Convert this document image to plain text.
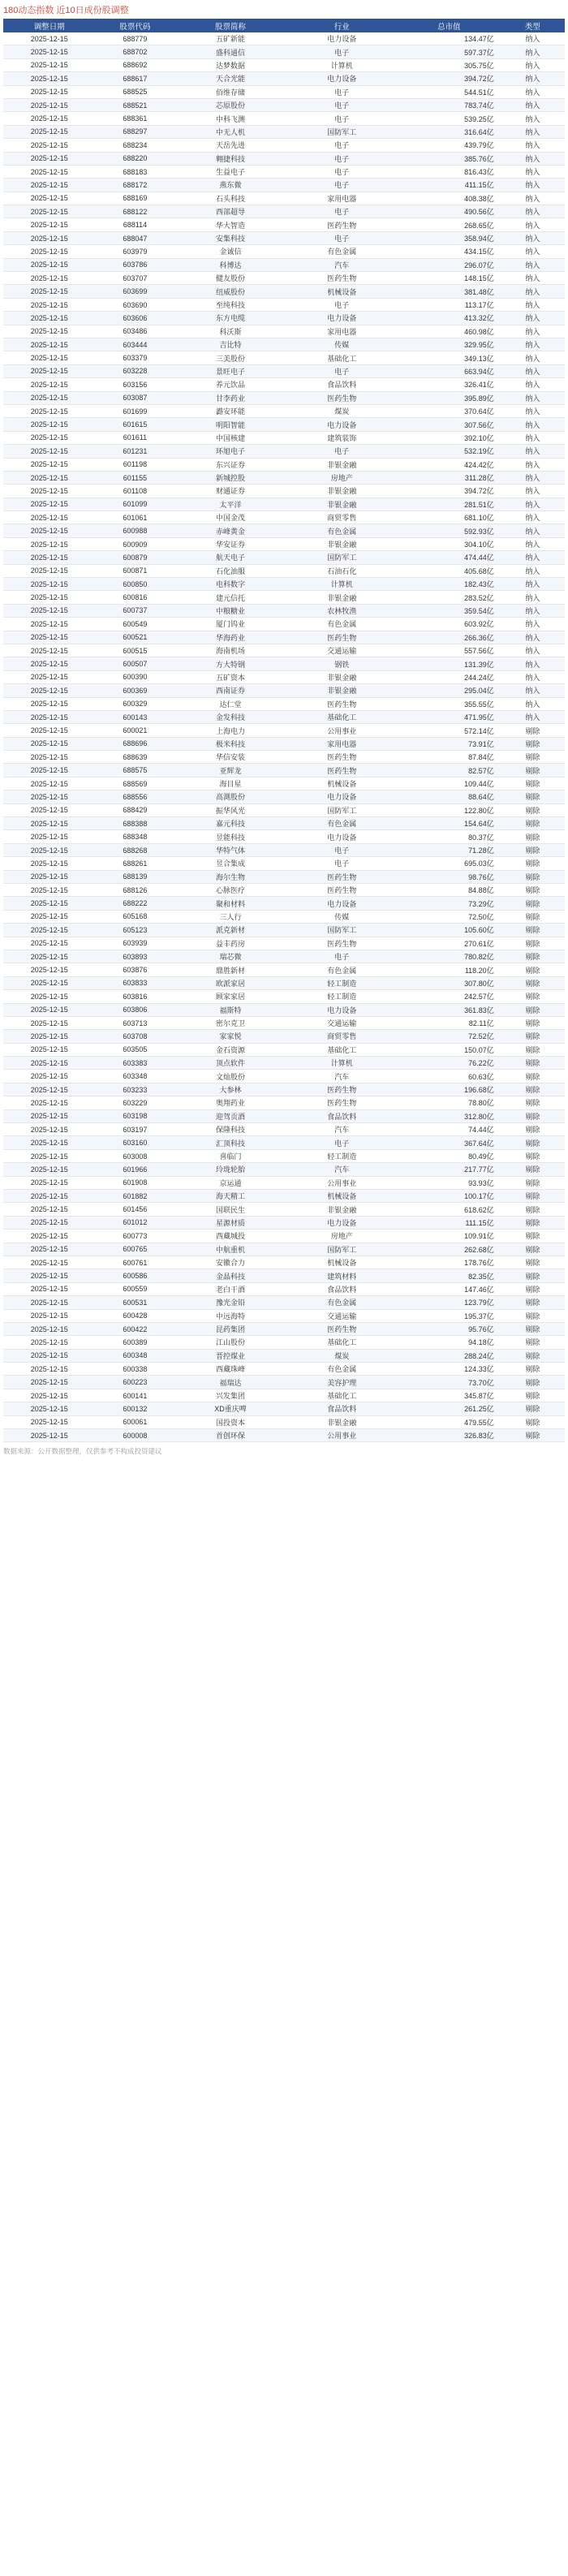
180动态指数 近10日成份股调整
调整日期	股票代码	股票简称	行业	总市值	类型
2025-12-15	688779	五矿新能	电力设备	134.47亿	纳入
2025-12-15	688702	盛科通信	电子	597.37亿	纳入
2025-12-15	688692	达梦数据	计算机	305.75亿	纳入
2025-12-15	688617	天合光能	电力设备	394.72亿	纳入
2025-12-15	688525	佰维存储	电子	544.51亿	纳入
2025-12-15	688521	芯原股份	电子	783.74亿	纳入
2025-12-15	688361	中科飞测	电子	539.25亿	纳入
2025-12-15	688297	中无人机	国防军工	316.64亿	纳入
2025-12-15	688234	天岳先进	电子	439.79亿	纳入
2025-12-15	688220	翱捷科技	电子	385.76亿	纳入
2025-12-15	688183	生益电子	电子	816.43亿	纳入
2025-12-15	688172	燕东微	电子	411.15亿	纳入
2025-12-15	688169	石头科技	家用电器	408.38亿	纳入
2025-12-15	688122	西部超导	电子	490.56亿	纳入
2025-12-15	688114	华大智造	医药生物	268.65亿	纳入
2025-12-15	688047	安集科技	电子	358.94亿	纳入
2025-12-15	603979	金诚信	有色金属	434.15亿	纳入
2025-12-15	603786	科博达	汽车	296.07亿	纳入
2025-12-15	603707	健友股份	医药生物	148.15亿	纳入
2025-12-15	603699	纽威股份	机械设备	381.48亿	纳入
2025-12-15	603690	至纯科技	电子	113.17亿	纳入
2025-12-15	603606	东方电缆	电力设备	413.32亿	纳入
2025-12-15	603486	科沃斯	家用电器	460.98亿	纳入
2025-12-15	603444	吉比特	传媒	329.95亿	纳入
2025-12-15	603379	三美股份	基础化工	349.13亿	纳入
2025-12-15	603228	景旺电子	电子	663.94亿	纳入
2025-12-15	603156	养元饮品	食品饮料	326.41亿	纳入
2025-12-15	603087	甘李药业	医药生物	395.89亿	纳入
2025-12-15	601699	潞安环能	煤炭	370.64亿	纳入
2025-12-15	601615	明阳智能	电力设备	307.56亿	纳入
2025-12-15	601611	中国核建	建筑装饰	392.10亿	纳入
2025-12-15	601231	环旭电子	电子	532.19亿	纳入
2025-12-15	601198	东兴证券	非银金融	424.42亿	纳入
2025-12-15	601155	新城控股	房地产	311.28亿	纳入
2025-12-15	601108	财通证券	非银金融	394.72亿	纳入
2025-12-15	601099	太平洋	非银金融	281.51亿	纳入
2025-12-15	601061	中国金茂	商贸零售	681.10亿	纳入
2025-12-15	600988	赤峰黄金	有色金属	592.93亿	纳入
2025-12-15	600909	华安证券	非银金融	304.10亿	纳入
2025-12-15	600879	航天电子	国防军工	474.44亿	纳入
2025-12-15	600871	石化油服	石油石化	405.68亿	纳入
2025-12-15	600850	电科数字	计算机	182.43亿	纳入
2025-12-15	600816	建元信托	非银金融	283.52亿	纳入
2025-12-15	600737	中粮糖业	农林牧渔	359.54亿	纳入
2025-12-15	600549	厦门钨业	有色金属	603.92亿	纳入
2025-12-15	600521	华海药业	医药生物	266.36亿	纳入
2025-12-15	600515	海南机场	交通运输	557.56亿	纳入
2025-12-15	600507	方大特钢	钢铁	131.39亿	纳入
2025-12-15	600390	五矿资本	非银金融	244.24亿	纳入
2025-12-15	600369	西南证券	非银金融	295.04亿	纳入
2025-12-15	600329	达仁堂	医药生物	355.55亿	纳入
2025-12-15	600143	金发科技	基础化工	471.95亿	纳入
2025-12-15	600021	上海电力	公用事业	572.14亿	剔除
2025-12-15	688696	极米科技	家用电器	73.91亿	剔除
2025-12-15	688639	华信安装	医药生物	87.84亿	剔除
2025-12-15	688575	亚辉龙	医药生物	82.57亿	剔除
2025-12-15	688569	海目星	机械设备	109.44亿	剔除
2025-12-15	688556	高測股份	电力设备	88.64亿	剔除
2025-12-15	688429	振华风光	国防军工	122.80亿	剔除
2025-12-15	688388	嘉元科技	有色金属	154.64亿	剔除
2025-12-15	688348	昱能科技	电力设备	80.37亿	剔除
2025-12-15	688268	华特气体	电子	71.28亿	剔除
2025-12-15	688261	昱合集成	电子	695.03亿	剔除
2025-12-15	688139	海尔生物	医药生物	98.76亿	剔除
2025-12-15	688126	心脉医疗	医药生物	84.88亿	剔除
2025-12-15	688222	聚和材料	电力设备	73.29亿	剔除
2025-12-15	605168	三人行	传媒	72.50亿	剔除
2025-12-15	605123	派克新材	国防军工	105.60亿	剔除
2025-12-15	603939	益丰药房	医药生物	270.61亿	剔除
2025-12-15	603893	瑞芯微	电子	780.82亿	剔除
2025-12-15	603876	鼎胜新材	有色金属	118.20亿	剔除
2025-12-15	603833	欧派家居	轻工制造	307.80亿	剔除
2025-12-15	603816	顾家家居	轻工制造	242.57亿	剔除
2025-12-15	603806	福斯特	电力设备	361.83亿	剔除
2025-12-15	603713	密尔克卫	交通运输	82.11亿	剔除
2025-12-15	603708	家家悦	商贸零售	72.52亿	剔除
2025-12-15	603505	金石资源	基础化工	150.07亿	剔除
2025-12-15	603383	顶点软件	计算机	76.22亿	剔除
2025-12-15	603348	文灿股份	汽车	60.63亿	剔除
2025-12-15	603233	大参林	医药生物	196.68亿	剔除
2025-12-15	603229	奥翔药业	医药生物	78.80亿	剔除
2025-12-15	603198	迎驾贡酒	食品饮料	312.80亿	剔除
2025-12-15	603197	保隆科技	汽车	74.44亿	剔除
2025-12-15	603160	汇顶科技	电子	367.64亿	剔除
2025-12-15	603008	喜临门	轻工制造	80.49亿	剔除
2025-12-15	601966	玲珑轮胎	汽车	217.77亿	剔除
2025-12-15	601908	京运通	公用事业	93.93亿	剔除
2025-12-15	601882	海天精工	机械设备	100.17亿	剔除
2025-12-15	601456	国联民生	非银金融	618.62亿	剔除
2025-12-15	601012	星源材质	电力设备	111.15亿	剔除
2025-12-15	600773	西藏城投	房地产	109.91亿	剔除
2025-12-15	600765	中航重机	国防军工	262.68亿	剔除
2025-12-15	600761	安徽合力	机械设备	178.76亿	剔除
2025-12-15	600586	金晶科技	建筑材料	82.35亿	剔除
2025-12-15	600559	老白干酒	食品饮料	147.46亿	剔除
2025-12-15	600531	豫光金铅	有色金属	123.79亿	剔除
2025-12-15	600428	中远海特	交通运输	195.37亿	剔除
2025-12-15	600422	昆药集团	医药生物	95.76亿	剔除
2025-12-15	600389	江山股份	基础化工	94.18亿	剔除
2025-12-15	600348	晋控煤业	煤炭	288.24亿	剔除
2025-12-15	600338	西藏珠峰	有色金属	124.33亿	剔除
2025-12-15	600223	福瑞达	美容护理	73.70亿	剔除
2025-12-15	600141	兴发集团	基础化工	345.87亿	剔除
2025-12-15	600132	XD重庆啤	食品饮料	261.25亿	剔除
2025-12-15	600061	国投资本	非银金融	479.55亿	剔除
2025-12-15	600008	首创环保	公用事业	326.83亿	剔除
数据来源：公开数据整理，仅供参考不构成投资建议
